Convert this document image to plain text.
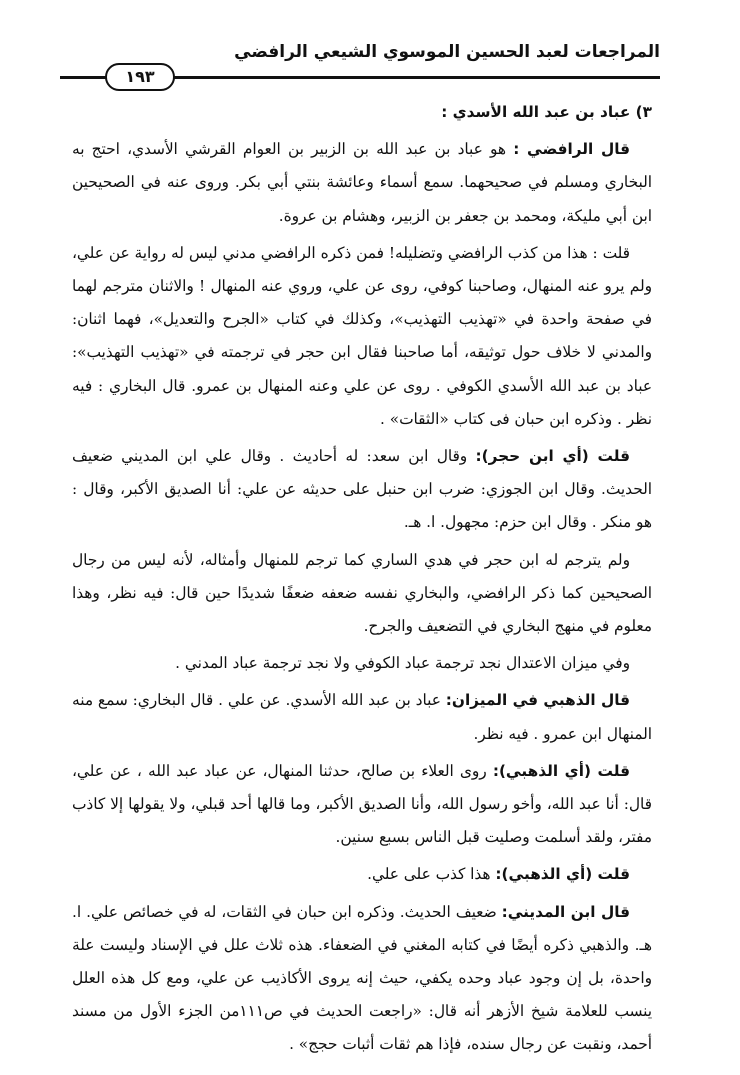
المراجعات لعبد الحسين الموسوي الشيعي الرافضي
١٩٣

٣) عباد بن عبد الله الأسدي :

قال الرافضي : هو عباد بن عبد الله بن الزبير بن العوام القرشي الأسدي، احتج به البخاري ومسلم في صحيحهما. سمع أسماء وعائشة بنتي أبي بكر. وروى عنه في الصحيحين ابن أبي مليكة، ومحمد بن جعفر بن الزبير، وهشام بن عروة.

قلت : هذا من كذب الرافضي وتضليله! فمن ذكره الرافضي مدني ليس له رواية عن علي، ولم يرو عنه المنهال، وصاحبنا كوفي، روى عن علي، وروي عنه المنهال ! والاثنان مترجم لهما في صفحة واحدة في «تهذيب التهذيب»، وكذلك في كتاب «الجرح والتعديل»، فهما اثنان: والمدني لا خلاف حول توثيقه، أما صاحبنا فقال ابن حجر في ترجمته في «تهذيب التهذيب»: عباد بن عبد الله الأسدي الكوفي . روى عن علي وعنه المنهال بن عمرو. قال البخاري : فيه نظر . وذكره ابن حبان فى كتاب «الثقات» .

قلت (أي ابن حجر): وقال ابن سعد: له أحاديث . وقال علي ابن المديني ضعيف الحديث. وقال ابن الجوزي: ضرب ابن حنبل على حديثه عن علي: أنا الصديق الأكبر، وقال : هو منكر . وقال ابن حزم: مجهول. ا. هـ.

ولم يترجم له ابن حجر في هدي الساري كما ترجم للمنهال وأمثاله، لأنه ليس من رجال الصحيحين كما ذكر الرافضي، والبخاري نفسه ضعفه ضعفًا شديدًا حين قال: فيه نظر، وهذا معلوم في منهج البخاري في التضعيف والجرح.

وفي ميزان الاعتدال نجد ترجمة عباد الكوفي ولا نجد ترجمة عباد المدني .

قال الذهبي في الميزان: عباد بن عبد الله الأسدي. عن علي . قال البخاري: سمع منه المنهال ابن عمرو . فيه نظر.

قلت (أي الذهبي): روى العلاء بن صالح، حدثنا المنهال، عن عباد عبد الله ، عن علي، قال: أنا عبد الله، وأخو رسول الله، وأنا الصديق الأكبر، وما قالها أحد قبلي، ولا يقولها إلا كاذب مفتر، ولقد أسلمت وصليت قبل الناس بسبع سنين.

قلت (أي الذهبي): هذا كذب على علي.

قال ابن المديني: ضعيف الحديث. وذكره ابن حبان في الثقات، له في خصائص علي. ا. هـ. والذهبي ذكره أيضًا في كتابه المغني في الضعفاء. هذه ثلاث علل في الإسناد وليست علة واحدة، بل إن وجود عباد وحده يكفي، حيث إنه يروى الأكاذيب عن علي، ومع كل هذه العلل ينسب للعلامة شيخ الأزهر أنه قال: «راجعت الحديث في ص١١١من الجزء الأول من مسند أحمد، ونقبت عن رجال سنده، فإذا هم ثقات أثبات حجج» .
